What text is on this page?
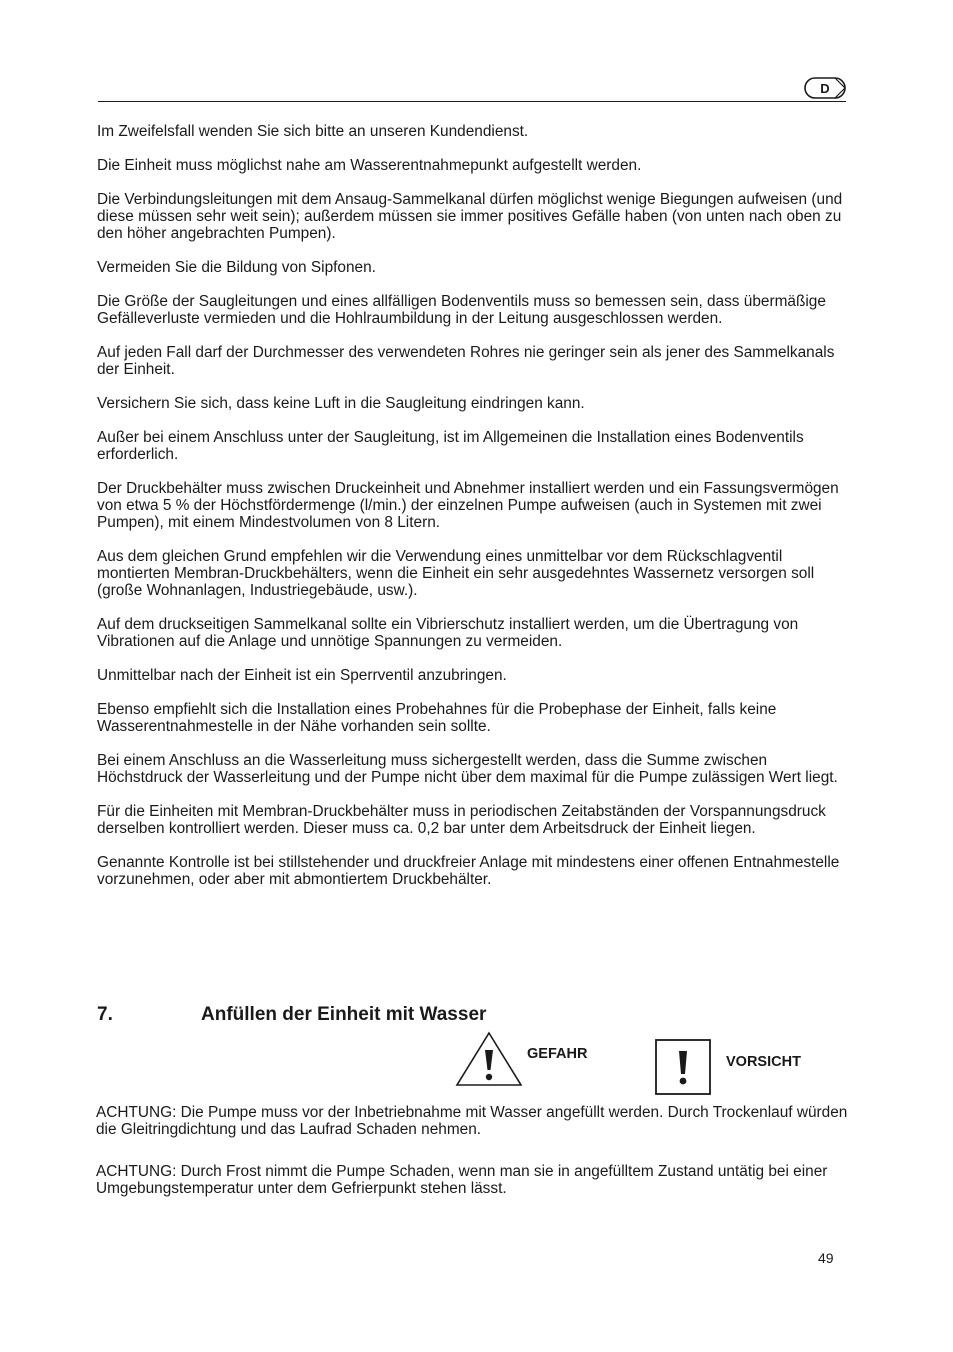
D

Im Zweifelsfall wenden Sie sich bitte an unseren Kundendienst.

Die Einheit muss möglichst nahe am Wasserentnahmepunkt aufgestellt werden.

Die Verbindungsleitungen mit dem Ansaug-Sammelkanal dürfen möglichst wenige Biegungen aufweisen (und diese müssen sehr weit sein); außerdem müssen sie immer positives Gefälle haben (von unten nach oben zu den höher angebrachten Pumpen).

Vermeiden Sie die Bildung von Sipfonen.

Die Größe der Saugleitungen und eines allfälligen Bodenventils muss so bemessen sein, dass übermäßige Gefälleverluste vermieden und die Hohlraumbildung in der Leitung ausgeschlossen werden.

Auf jeden Fall darf der Durchmesser des verwendeten Rohres nie geringer sein als jener des Sammelkanals der Einheit.

Versichern Sie sich, dass keine Luft in die Saugleitung eindringen kann.

Außer bei einem Anschluss unter der Saugleitung, ist im Allgemeinen die Installation eines Bodenventils erforderlich.

Der Druckbehälter muss zwischen Druckeinheit und Abnehmer installiert werden und ein Fassungsvermögen von etwa 5 % der Höchstfördermenge (l/min.) der einzelnen Pumpe aufweisen (auch in Systemen mit zwei Pumpen), mit einem Mindestvolumen von 8 Litern.

Aus dem gleichen Grund empfehlen wir die Verwendung eines unmittelbar vor dem Rückschlagventil montierten Membran-Druckbehälters, wenn die Einheit ein sehr ausgedehntes Wassernetz versorgen soll (große Wohnanlagen, Industriegebäude, usw.).

Auf dem druckseitigen Sammelkanal sollte ein Vibrierschutz installiert werden, um die Übertragung von Vibrationen auf die Anlage und unnötige Spannungen zu vermeiden.

Unmittelbar nach der Einheit ist ein Sperrventil anzubringen.

Ebenso empfiehlt sich die Installation eines Probehahnes für die Probephase der Einheit, falls keine Wasserentnahmestelle in der Nähe vorhanden sein sollte.

Bei einem Anschluss an die Wasserleitung muss sichergestellt werden, dass die Summe zwischen Höchstdruck der Wasserleitung und der Pumpe nicht über dem maximal für die Pumpe zulässigen Wert liegt.

Für die Einheiten mit Membran-Druckbehälter muss in periodischen Zeitabständen der Vorspannungsdruck derselben kontrolliert werden. Dieser muss ca. 0,2 bar unter dem Arbeitsdruck der Einheit liegen.

Genannte Kontrolle ist bei stillstehender und druckfreier Anlage mit mindestens einer offenen Entnahmestelle vorzunehmen, oder aber mit abmontiertem Druckbehälter.

7.	Anfüllen der Einheit mit Wasser
GEFAHR	VORSICHT

ACHTUNG: Die Pumpe muss vor der Inbetriebnahme mit Wasser angefüllt werden. Durch Trockenlauf würden die Gleitringdichtung und das Laufrad Schaden nehmen.

ACHTUNG: Durch Frost nimmt die Pumpe Schaden, wenn man sie in angefülltem Zustand untätig bei einer Umgebungstemperatur unter dem Gefrierpunkt stehen lässt.

49
